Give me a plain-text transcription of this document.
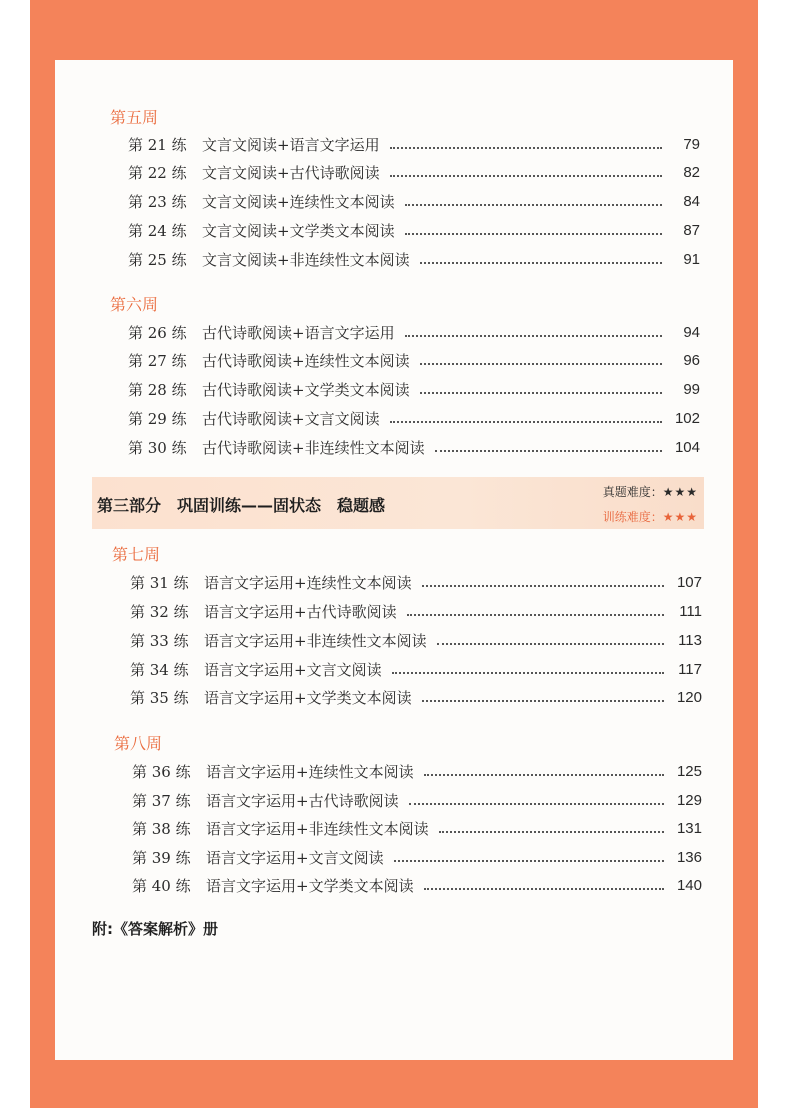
第五周
第 21 练	文言文阅读+语言文字运用	79
第 22 练	文言文阅读+古代诗歌阅读	82
第 23 练	文言文阅读+连续性文本阅读	84
第 24 练	文言文阅读+文学类文本阅读	87
第 25 练	文言文阅读+非连续性文本阅读	91
第六周
第 26 练	古代诗歌阅读+语言文字运用	94
第 27 练	古代诗歌阅读+连续性文本阅读	96
第 28 练	古代诗歌阅读+文学类文本阅读	99
第 29 练	古代诗歌阅读+文言文阅读	102
第 30 练	古代诗歌阅读+非连续性文本阅读	104
第三部分　巩固训练——固状态　稳题感
真题难度：★★★
训练难度：★★★
第七周
第 31 练	语言文字运用+连续性文本阅读	107
第 32 练	语言文字运用+古代诗歌阅读	111
第 33 练	语言文字运用+非连续性文本阅读	113
第 34 练	语言文字运用+文言文阅读	117
第 35 练	语言文字运用+文学类文本阅读	120
第八周
第 36 练	语言文字运用+连续性文本阅读	125
第 37 练	语言文字运用+古代诗歌阅读	129
第 38 练	语言文字运用+非连续性文本阅读	131
第 39 练	语言文字运用+文言文阅读	136
第 40 练	语言文字运用+文学类文本阅读	140
附:《答案解析》册
